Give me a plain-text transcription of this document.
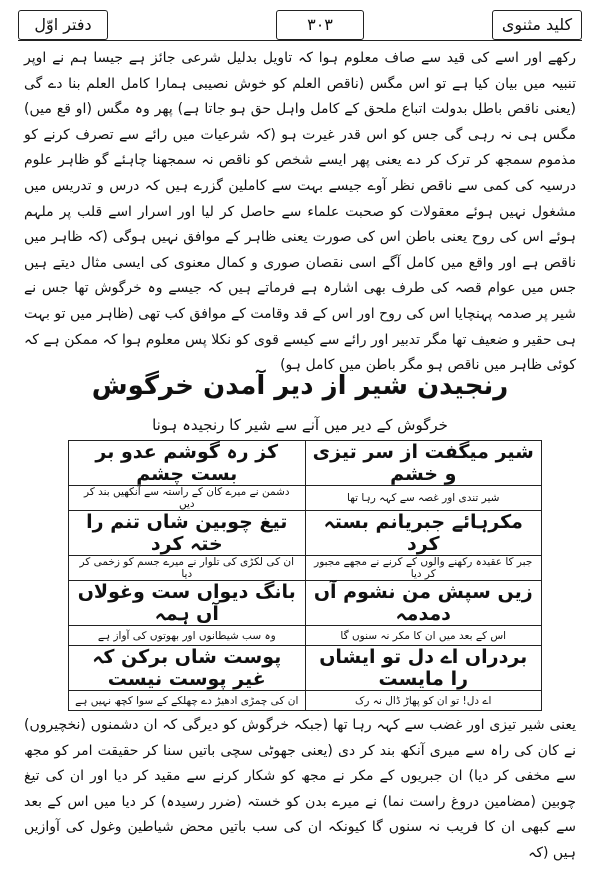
کلید مثنوی
۳۰۳
دفتر اوّل
رکھے اور اسے کی قید سے صاف معلوم ہوا کہ تاویل بدلیل شرعی جائز ہے جیسا ہم نے اوپر تنبیہ میں بیان کیا ہے تو اس مگس (ناقص العلم کو خوش نصیبی ہمارا کامل العلم بنا دے گی (یعنی ناقص باطل بدولت اتباع ملحق کے کامل واہل حق ہو جاتا ہے) پھر وہ مگس (او قع میں) مگس ہی نہ رہی گی جس کو اس قدر غیرت ہو (کہ شرعیات میں رائے سے تصرف کرنے کو مذموم سمجھ کر ترک کر دے یعنی پھر ایسے شخص کو ناقص نہ سمجھنا چاہئے گو ظاہر علوم درسیہ کی کمی سے ناقص نظر آوے جیسے بہت سے کاملین گزرے ہیں کہ درس و تدریس میں مشغول نہیں ہوئے معقولات کو صحبت علماء سے حاصل کر لیا اور اسرار اسے قلب پر ملہم ہوئے اس کی روح یعنی باطن اس کی صورت یعنی ظاہر کے موافق نہیں ہوگی (کہ ظاہر میں ناقص ہے اور واقع میں کامل آگے اسی نقصان صوری و کمال معنوی کی ایسی مثال دیتے ہیں جس میں عوام قصہ کی طرف بھی اشارہ ہے فرماتے ہیں کہ جیسے وہ خرگوش تھا جس نے شیر پر صدمہ پہنچایا اس کی روح اور اس کے قد وقامت کے موافق کب تھی (ظاہر میں تو بہت ہی حقیر و ضعیف تھا مگر تدبیر اور رائے سے کیسے قوی کو نکلا پس معلوم ہوا کہ ممکن ہے کہ کوئی ظاہر میں ناقص ہو مگر باطن میں کامل ہو)
رنجیدن شیر از دیر آمدن خرگوش
خرگوش کے دیر میں آنے سے شیر کا رنجیدہ ہونا
شیر میگفت از سر تیزی و خشم	کز رہ گوشم عدو بر بست چشم
شیر تندی اور غصہ سے کہہ رہا تھا	دشمن نے میرے کان کے راستہ سے آنکھیں بند کر دیں
مکرہائے جبریانم بستہ کرد	تیغ چوبین شاں تنم را ختہ کرد
جبر کا عقیدہ رکھنے والوں کے کرنے نے مجھے مجبور کر دیا	ان کی لکڑی کی تلوار نے میرے جسم کو زخمی کر دیا
زیں سپش من نشوم آں دمدمہ	بانگ دیواں ست وغولاں آں ہمہ
اس کے بعد میں ان کا مکر نہ سنوں گا	وہ سب شیطانوں اور بھوتوں کی آواز ہے
بردراں اے دل تو ایشاں را مایست	پوست شاں برکن کہ غیر پوست نیست
اے دل! تو ان کو پھاڑ ڈال نہ رک	ان کی چمڑی ادھیڑ دے چھلکے کے سوا کچھ نہیں ہے
یعنی شیر تیزی اور غضب سے کہہ رہا تھا (جبکہ خرگوش کو دیرگی کہ ان دشمنوں (نخچیروں) نے کان کی راہ سے میری آنکھ بند کر دی (یعنی جھوٹی سچی باتیں سنا کر حقیقت امر کو مجھ سے مخفی کر دیا) ان جبریوں کے مکر نے مجھ کو شکار کرنے سے مقید کر دیا اور ان کی تیغ چوبین (مضامین دروغ راست نما) نے میرے بدن کو خستہ (ضرر رسیدہ) کر دیا میں اس کے بعد سے کبھی ان کا فریب نہ سنوں گا کیونکہ ان کی سب باتیں محض شیاطین وغول کی آوازیں ہیں (کہ
